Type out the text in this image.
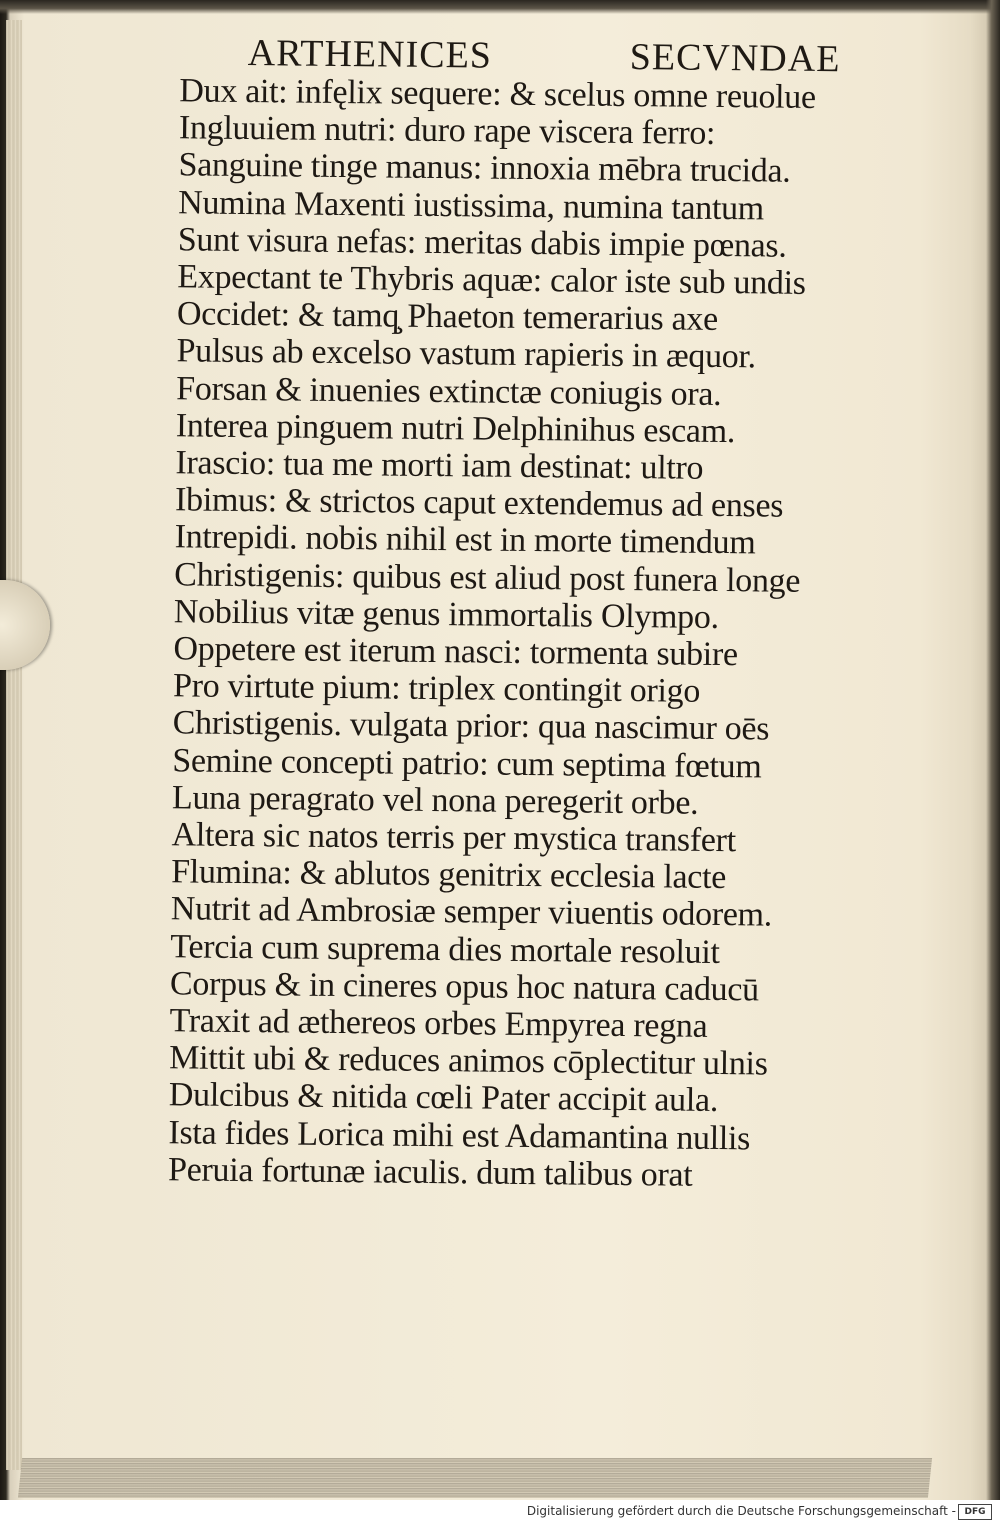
ARTHENICES	SECVNDAE
Dux ait: infęlix sequere: & scelus omne reuolue
Ingluuiem nutri: duro rape viscera ferro:
Sanguine tinge manus: innoxia mēbra trucida.
Numina Maxenti iustissima, numina tantum
Sunt visura nefas: meritas dabis impie pœnas.
Expectant te Thybris aquæ: calor iste sub undis
Occidet: & tamq̧ Phaeton temerarius axe
Pulsus ab excelso vastum rapieris in æquor.
Forsan & inuenies extinctæ coniugis ora.
Interea pinguem nutri Delphinihus escam.
Irascio: tua me morti iam destinat: ultro
Ibimus: & strictos caput extendemus ad enses
Intrepidi. nobis nihil est in morte timendum
Christigenis: quibus est aliud post funera longe
Nobilius vitæ genus immortalis Olympo.
Oppetere est iterum nasci: tormenta subire
Pro virtute pium: triplex contingit origo
Christigenis. vulgata prior: qua nascimur oēs
Semine concepti patrio: cum septima fœtum
Luna peragrato vel nona peregerit orbe.
Altera sic natos terris per mystica transfert
Flumina: & ablutos genitrix ecclesia lacte
Nutrit ad Ambrosiæ semper viuentis odorem.
Tercia cum suprema dies mortale resoluit
Corpus & in cineres opus hoc natura caducū
Traxit ad æthereos orbes Empyrea regna
Mittit ubi & reduces animos cōplectitur ulnis
Dulcibus & nitida cœli Pater accipit aula.
Ista fides Lorica mihi est Adamantina nullis
Peruia fortunæ iaculis. dum talibus orat
Digitalisierung gefördert durch die Deutsche Forschungsgemeinschaft - DFG
